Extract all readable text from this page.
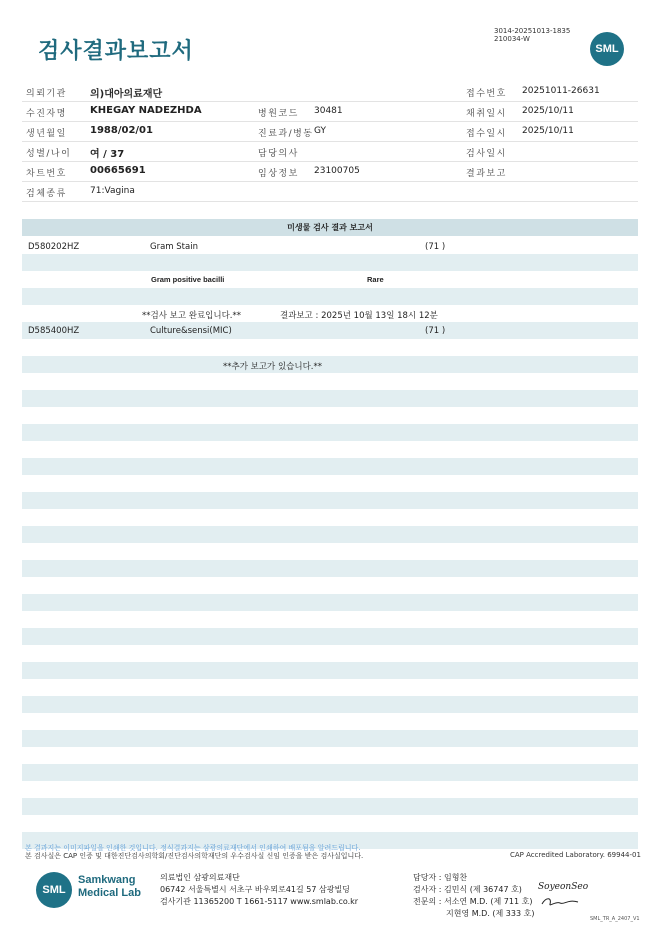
검사결과보고서
3014-20251013-1835
210034-W
SML
의뢰기관 의)대아의료재단	접수번호 20251011-26631
수진자명 KHEGAY NADEZHDA	병원코드 30481	채취일시 2025/10/11
생년월일 1988/02/01	진료과/병동 GY	접수일시 2025/10/11
성별/나이 여 / 37	담당의사	검사일시
차트번호 00665691	임상정보 23100705	결과보고
검체종류	71:Vagina
미생물 검사 결과 보고서
D580202HZ	Gram Stain	(71 )
Gram positive bacilli	Rare
**검사 보고 완료입니다.**	결과보고 : 2025년 10월 13일 18시 12분
D585400HZ	Culture&sensi(MIC)	(71 )
**추가 보고가 있습니다.**
본 결과지는 이미지파일을 인쇄한 것입니다. 정식결과지는 삼광의료재단에서 인쇄하여 배포됨을 알려드립니다.
본 검사실은 CAP 인증 및 대한진단검사의학회/진단검사의학재단의 우수검사실 신임 인증을 받은 검사실입니다.	CAP Accredited Laboratory. 69944-01
SML
Samkwang
Medical Lab
의료법인 삼광의료재단
06742 서울특별시 서초구 바우뫼로41길 57 삼광빌딩
검사기관 11365200 T 1661-5117 www.smlab.co.kr
담당자 : 임형찬
검사자 : 김민식 (제 36747 호)
전문의 : 서소연 M.D. (제 711 호)
지현영 M.D. (제 333 호)
SoyeonSeo
SML_TR_A_2407_V1
